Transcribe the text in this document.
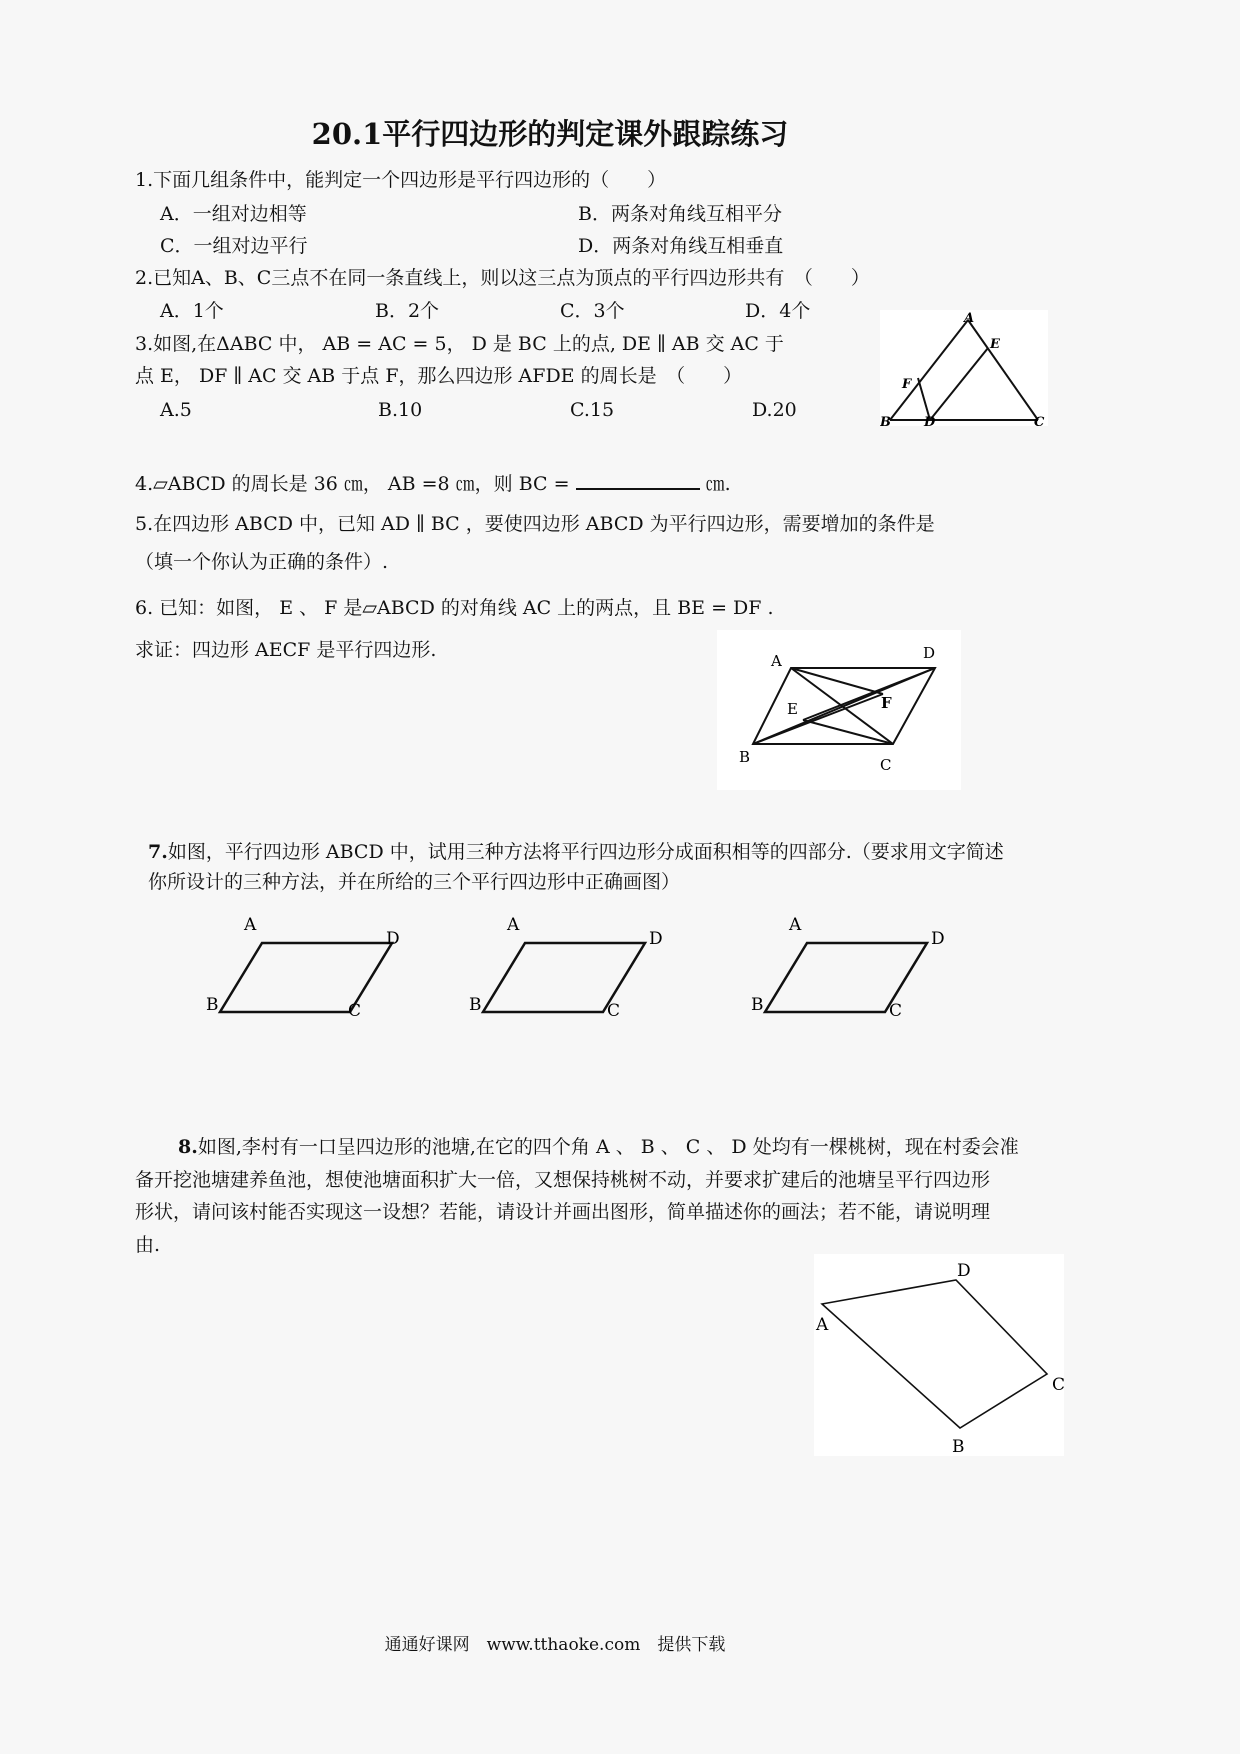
20.1平行四边形的判定课外跟踪练习
1.下面几组条件中，能判定一个四边形是平行四边形的（　　）
A．一组对边相等	B．两条对角线互相平分
C．一组对边平行	D．两条对角线互相垂直
2.已知A、B、C三点不在同一条直线上，则以这三点为顶点的平行四边形共有　（　　）
A．1个	B．2个	C．3个	D．4个
3.如图,在ΔABC 中， AB = AC = 5， D 是 BC 上的点, DE ∥ AB 交 AC 于
点 E， DF ∥ AC 交 AB 于点 F，那么四边形 AFDE 的周长是　（　　）
A.5	B.10	C.15	D.20
A
E
F
B	D	C
4.▱ABCD 的周长是 36 ㎝， AB =8 ㎝，则 BC =	㎝.
5.在四边形 ABCD 中，已知 AD ∥ BC ，要使四边形 ABCD 为平行四边形，需要增加的条件是
（填一个你认为正确的条件）.
6. 已知：如图， E 、 F 是▱ABCD 的对角线 AC 上的两点，且 BE = DF .
求证：四边形 AECF 是平行四边形.	A	D
E	F
B	C
7.如图，平行四边形 ABCD 中，试用三种方法将平行四边形分成面积相等的四部分.（要求用文字简述
你所设计的三种方法，并在所给的三个平行四边形中正确画图）
A
D
B	C
A
D
B	C
A
D
B	C
8.如图,李村有一口呈四边形的池塘,在它的四个角 A 、 B 、 C 、 D 处均有一棵桃树，现在村委会准
备开挖池塘建养鱼池，想使池塘面积扩大一倍，又想保持桃树不动，并要求扩建后的池塘呈平行四边形
形状，请问该村能否实现这一设想？若能，请设计并画出图形，简单描述你的画法；若不能，请说明理
由.
D
A
C
B
通通好课网　www.tthaoke.com　提供下载
